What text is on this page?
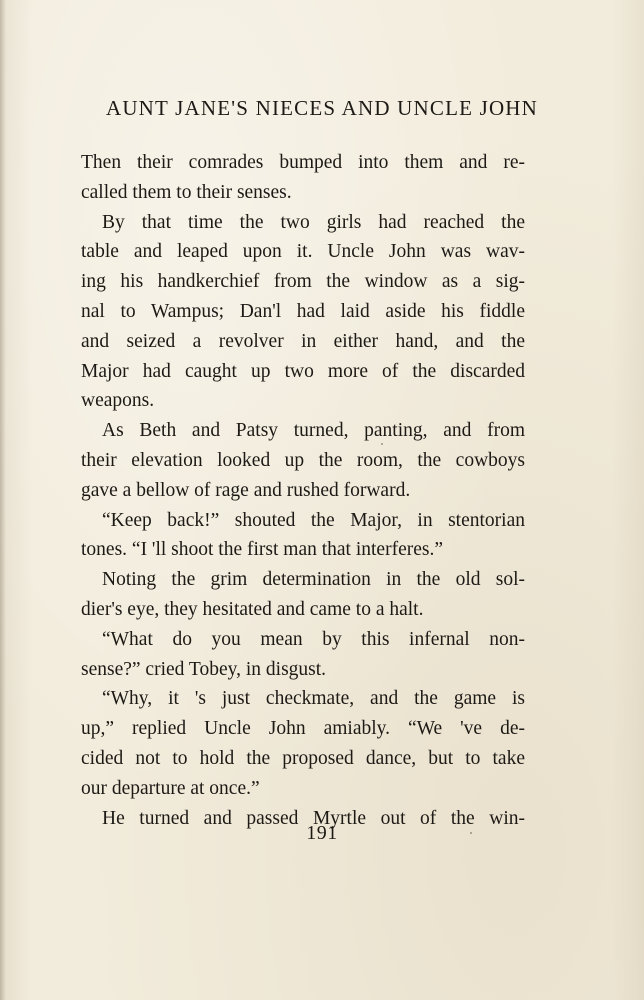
AUNT JANE'S NIECES AND UNCLE JOHN
Then their comrades bumped into them and re-
called them to their senses.
By that time the two girls had reached the
table and leaped upon it. Uncle John was wav-
ing his handkerchief from the window as a sig-
nal to Wampus; Dan'l had laid aside his fiddle
and seized a revolver in either hand, and the
Major had caught up two more of the discarded
weapons.
As Beth and Patsy turned, panting, and from
their elevation looked up the room, the cowboys
gave a bellow of rage and rushed forward.
“Keep back!” shouted the Major, in stentorian
tones. “I 'll shoot the first man that interferes.”
Noting the grim determination in the old sol-
dier's eye, they hesitated and came to a halt.
“What do you mean by this infernal non-
sense?” cried Tobey, in disgust.
“Why, it 's just checkmate, and the game is
up,” replied Uncle John amiably. “We 've de-
cided not to hold the proposed dance, but to take
our departure at once.”
He turned and passed Myrtle out of the win-
191
